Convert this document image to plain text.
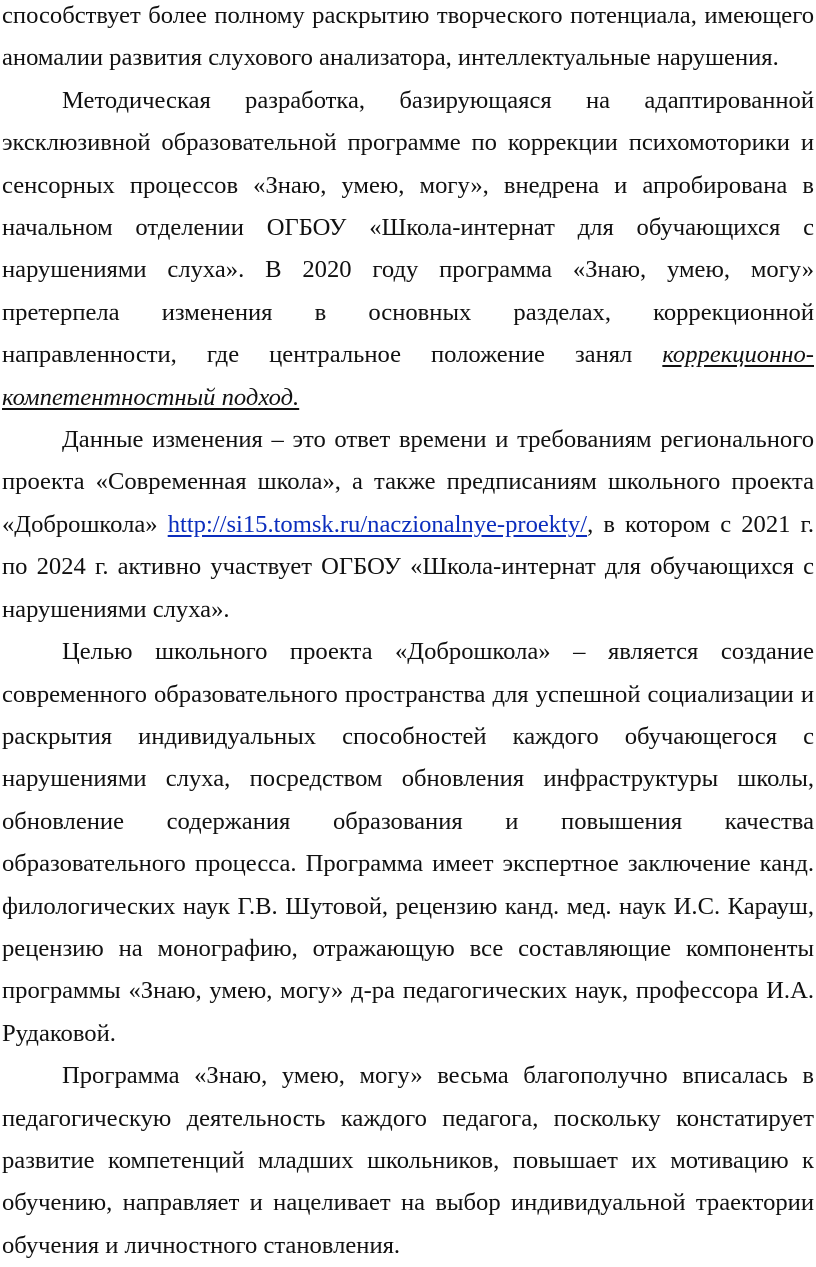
способствует более полному раскрытию творческого потенциала, имеющего аномалии развития слухового анализатора, интеллектуальные нарушения.

Методическая разработка, базирующаяся на адаптированной эксклюзивной образовательной программе по коррекции психомоторики и сенсорных процессов «Знаю, умею, могу», внедрена и апробирована в начальном отделении ОГБОУ «Школа-интернат для обучающихся с нарушениями слуха». В 2020 году программа «Знаю, умею, могу» претерпела изменения в основных разделах, коррекционной направленности, где центральное положение занял коррекционно-компетентностный подход.

Данные изменения – это ответ времени и требованиям регионального проекта «Современная школа», а также предписаниям школьного проекта «Доброшкола» http://si15.tomsk.ru/naczionalnye-proekty/, в котором с 2021 г. по 2024 г. активно участвует ОГБОУ «Школа-интернат для обучающихся с нарушениями слуха».

Целью школьного проекта «Доброшкола» – является создание современного образовательного пространства для успешной социализации и раскрытия индивидуальных способностей каждого обучающегося с нарушениями слуха, посредством обновления инфраструктуры школы, обновление содержания образования и повышения качества образовательного процесса. Программа имеет экспертное заключение канд. филологических наук Г.В. Шутовой, рецензию канд. мед. наук И.С. Карауш, рецензию на монографию, отражающую все составляющие компоненты программы «Знаю, умею, могу» д-ра педагогических наук, профессора И.А. Рудаковой.

Программа «Знаю, умею, могу» весьма благополучно вписалась в педагогическую деятельность каждого педагога, поскольку констатирует развитие компетенций младших школьников, повышает их мотивацию к обучению, направляет и нацеливает на выбор индивидуальной траектории обучения и личностного становления.
